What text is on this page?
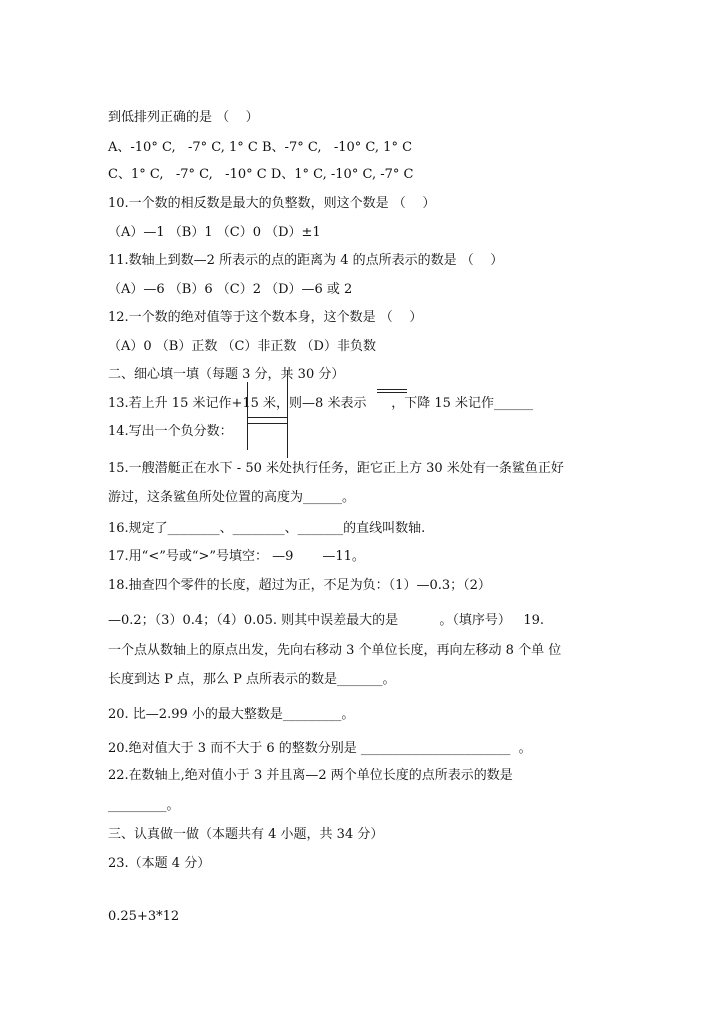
到低排列正确的是 （    ）
A、-10° C,   -7° C, 1° C B、-7° C,   -10° C, 1° C
C、1° C,   -7° C,   -10° C D、1° C, -10° C, -7° C
10.一个数的相反数是最大的负整数，则这个数是 （    ）
（A）—1 （B）1 （C）0 （D）±1
11.数轴上到数—2 所表示的点的距离为 4 的点所表示的数是 （    ）
（A）—6 （B）6 （C）2 （D）—6 或 2
12.一个数的绝对值等于这个数本身，这个数是 （    ）
（A）0 （B）正数 （C）非正数 （D）非负数
二、细心填一填（每题 3 分，共 30 分）
13.若上升 15 米记作+15 米，则—8 米表示      ，下降 15 米记作______
14.写出一个负分数：
15.一艘潜艇正在水下 - 50 米处执行任务，距它正上方 30 米处有一条鲨鱼正好
游过，这条鲨鱼所处位置的高度为______。
16.规定了________、________、_______的直线叫数轴.
17.用“<”号或“>”号填空： —9       —11。
18.抽查四个零件的长度，超过为正，不足为负：（1）—0.3；（2）
—0.2；（3）0.4；（4）0.05. 则其中误差最大的是          。（填序号）   19.
一个点从数轴上的原点出发，先向右移动 3 个单位长度，再向左移动 8 个单 位
长度到达 P 点，那么 P 点所表示的数是_______。
20. 比—2.99 小的最大整数是_________。
20.绝对值大于 3 而不大于 6 的整数分别是 _______________________  。
22.在数轴上,绝对值小于 3 并且离—2 两个单位长度的点所表示的数是
_________。
三、认真做一做（本题共有 4 小题，共 34 分）
23.（本题 4 分）
0.25+3*12
